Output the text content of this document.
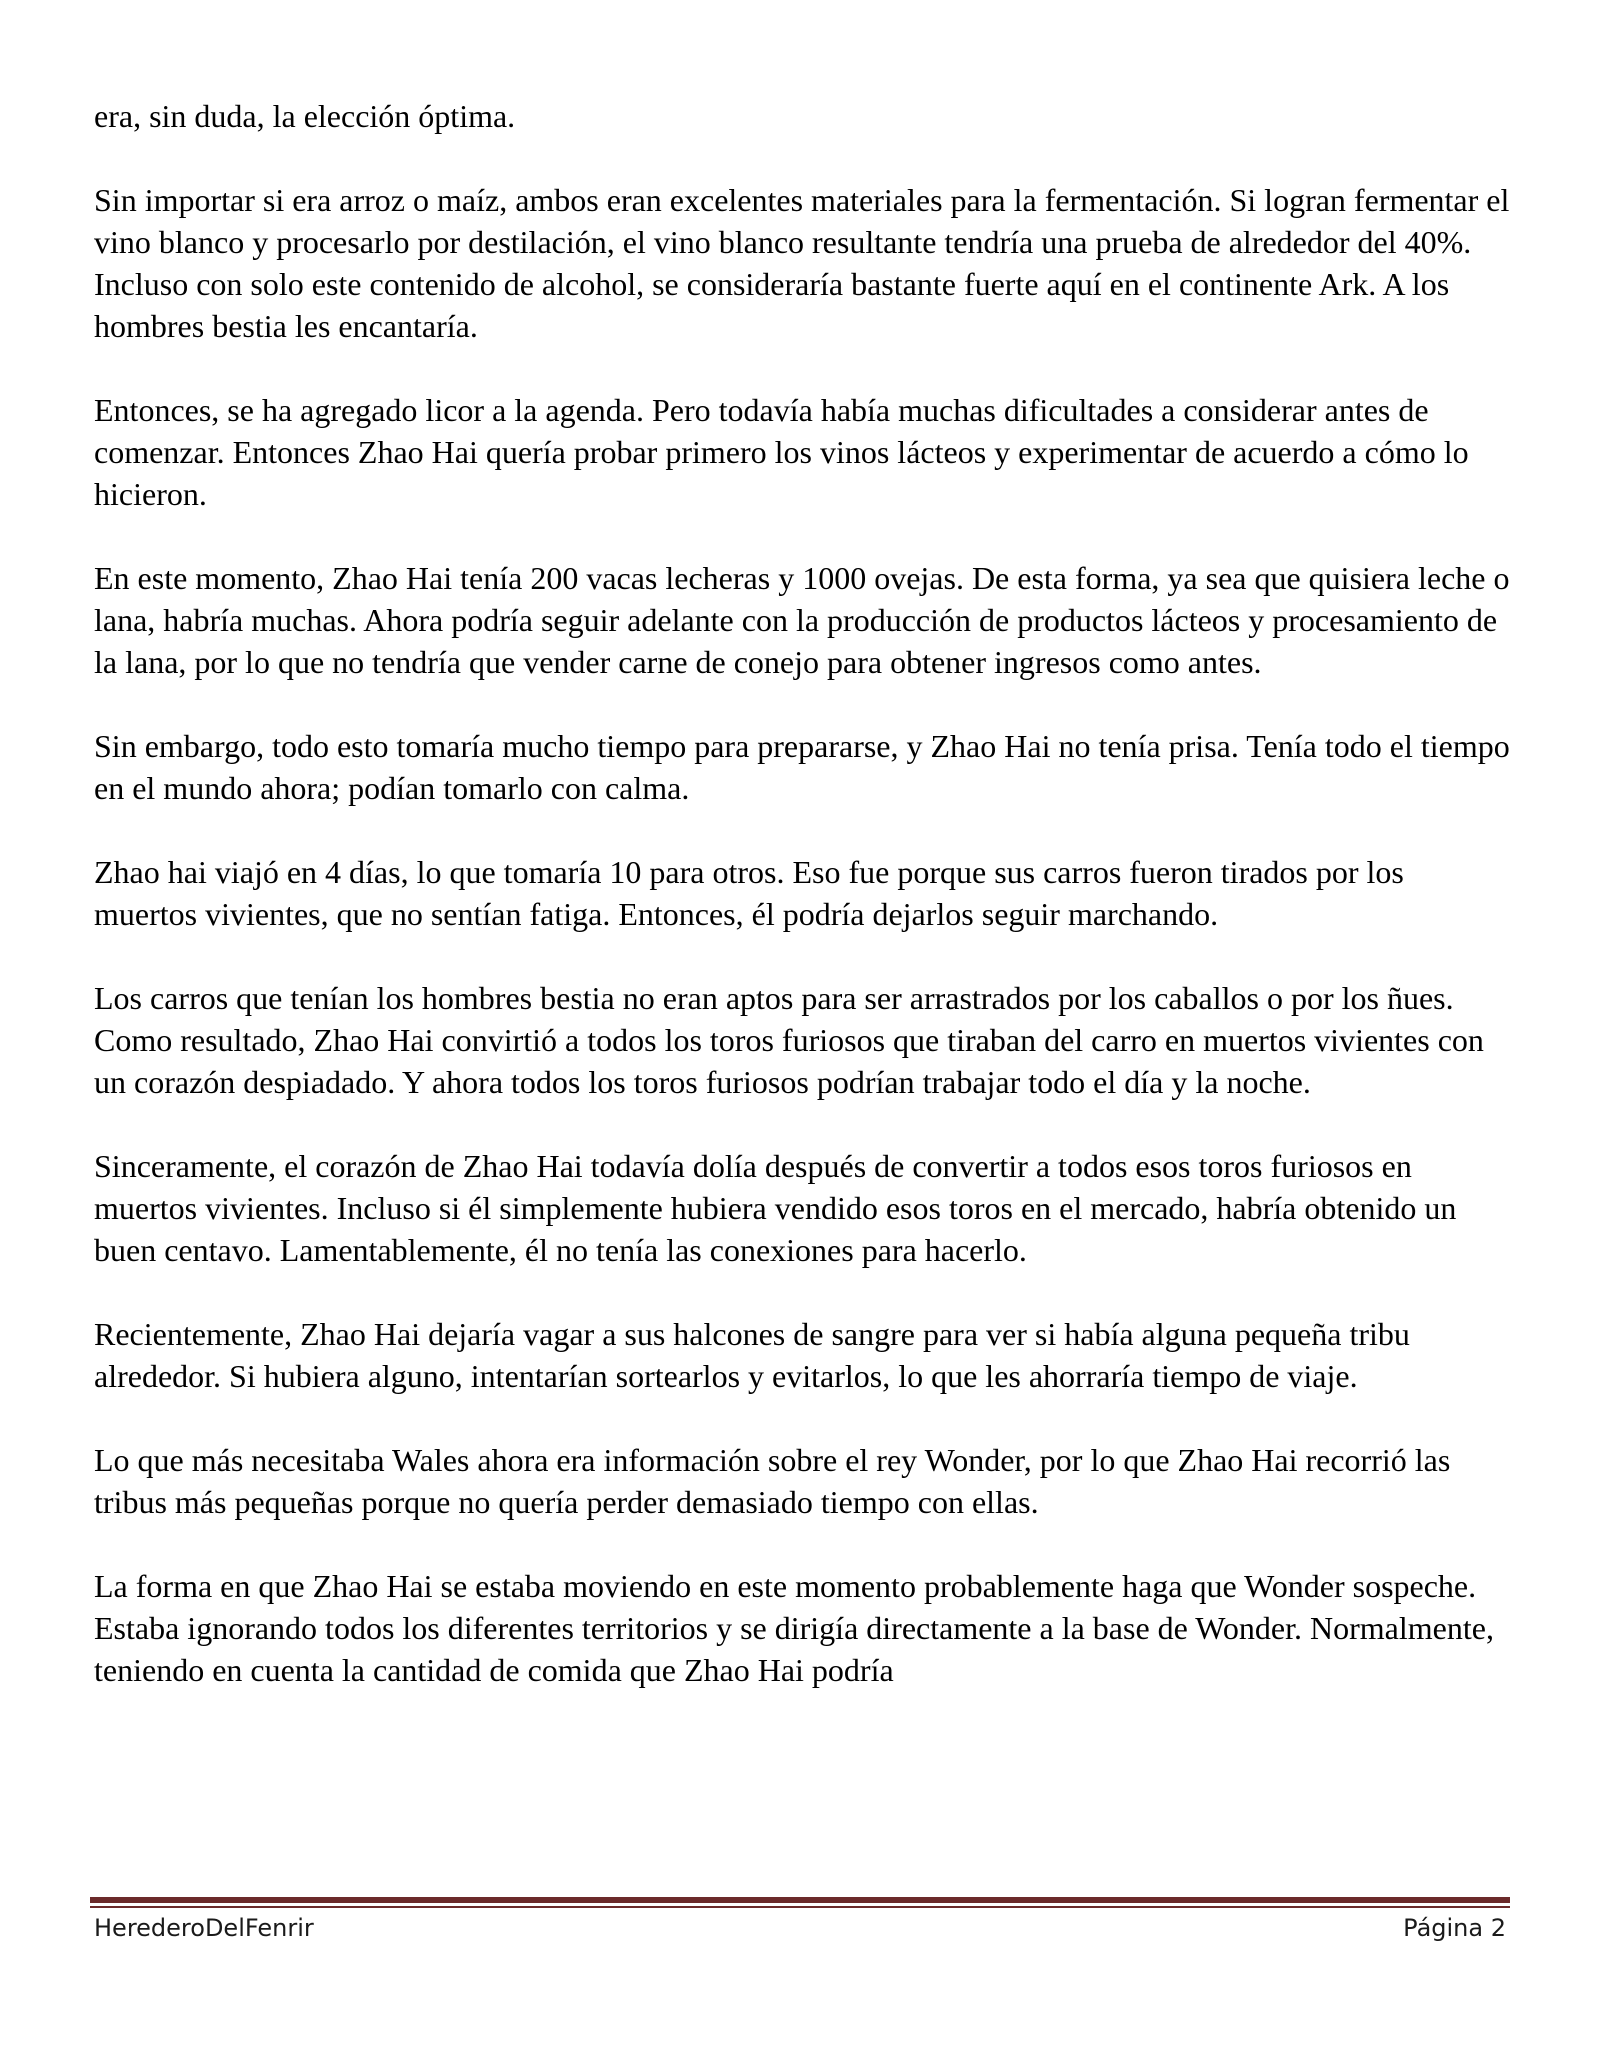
era, sin duda, la elección óptima.

Sin importar si era arroz o maíz, ambos eran excelentes materiales para la fermentación. Si logran fermentar el vino blanco y procesarlo por destilación, el vino blanco resultante tendría una prueba de alrededor del 40%. Incluso con solo este contenido de alcohol, se consideraría bastante fuerte aquí en el continente Ark. A los hombres bestia les encantaría.

Entonces, se ha agregado licor a la agenda. Pero todavía había muchas dificultades a considerar antes de comenzar. Entonces Zhao Hai quería probar primero los vinos lácteos y experimentar de acuerdo a cómo lo hicieron.

En este momento, Zhao Hai tenía 200 vacas lecheras y 1000 ovejas. De esta forma, ya sea que quisiera leche o lana, habría muchas. Ahora podría seguir adelante con la producción de productos lácteos y procesamiento de la lana, por lo que no tendría que vender carne de conejo para obtener ingresos como antes.

Sin embargo, todo esto tomaría mucho tiempo para prepararse, y Zhao Hai no tenía prisa. Tenía todo el tiempo en el mundo ahora; podían tomarlo con calma.

Zhao hai viajó en 4 días, lo que tomaría 10 para otros. Eso fue porque sus carros fueron tirados por los muertos vivientes, que no sentían fatiga. Entonces, él podría dejarlos seguir marchando.

Los carros que tenían los hombres bestia no eran aptos para ser arrastrados por los caballos o por los ñues. Como resultado, Zhao Hai convirtió a todos los toros furiosos que tiraban del carro en muertos vivientes con un corazón despiadado. Y ahora todos los toros furiosos podrían trabajar todo el día y la noche.

Sinceramente, el corazón de Zhao Hai todavía dolía después de convertir a todos esos toros furiosos en muertos vivientes. Incluso si él simplemente hubiera vendido esos toros en el mercado, habría obtenido un buen centavo. Lamentablemente, él no tenía las conexiones para hacerlo.

Recientemente, Zhao Hai dejaría vagar a sus halcones de sangre para ver si había alguna pequeña tribu alrededor. Si hubiera alguno, intentarían sortearlos y evitarlos, lo que les ahorraría tiempo de viaje.

Lo que más necesitaba Wales ahora era información sobre el rey Wonder, por lo que Zhao Hai recorrió las tribus más pequeñas porque no quería perder demasiado tiempo con ellas.

La forma en que Zhao Hai se estaba moviendo en este momento probablemente haga que Wonder sospeche. Estaba ignorando todos los diferentes territorios y se dirigía directamente a la base de Wonder. Normalmente, teniendo en cuenta la cantidad de comida que Zhao Hai podría

HerederoDelFenrir	Página 2
